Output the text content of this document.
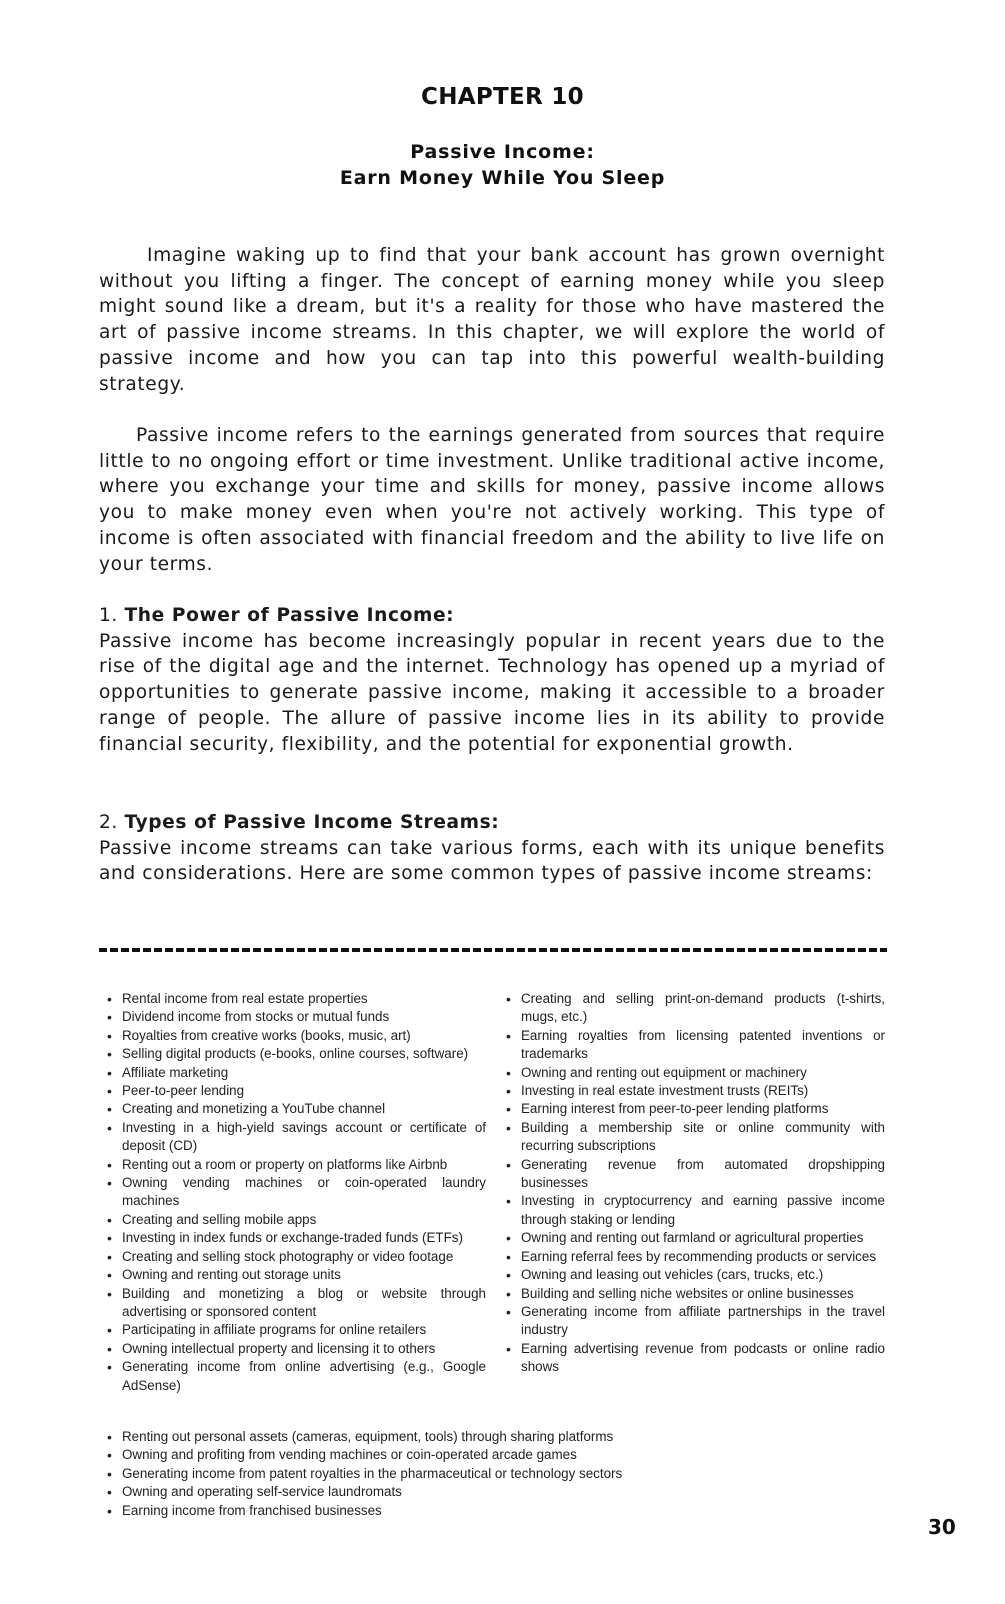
CHAPTER 10
Passive Income:
Earn Money While You Sleep

Imagine waking up to find that your bank account has grown overnight without you lifting a finger. The concept of earning money while you sleep might sound like a dream, but it's a reality for those who have mastered the art of passive income streams. In this chapter, we will explore the world of passive income and how you can tap into this powerful wealth-building strategy.

Passive income refers to the earnings generated from sources that require little to no ongoing effort or time investment. Unlike traditional active income, where you exchange your time and skills for money, passive income allows you to make money even when you're not actively working. This type of income is often associated with financial freedom and the ability to live life on your terms.

1. The Power of Passive Income:

Passive income has become increasingly popular in recent years due to the rise of the digital age and the internet. Technology has opened up a myriad of opportunities to generate passive income, making it accessible to a broader range of people. The allure of passive income lies in its ability to provide financial security, flexibility, and the potential for exponential growth.

2. Types of Passive Income Streams:

Passive income streams can take various forms, each with its unique benefits and considerations. Here are some common types of passive income streams:

• Rental income from real estate properties
• Dividend income from stocks or mutual funds
• Royalties from creative works (books, music, art)
• Selling digital products (e-books, online courses, software)
• Affiliate marketing
• Peer-to-peer lending
• Creating and monetizing a YouTube channel
• Investing in a high-yield savings account or certificate of deposit (CD)
• Renting out a room or property on platforms like Airbnb
• Owning vending machines or coin-operated laundry machines
• Creating and selling mobile apps
• Investing in index funds or exchange-traded funds (ETFs)
• Creating and selling stock photography or video footage
• Owning and renting out storage units
• Building and monetizing a blog or website through advertising or sponsored content
• Participating in affiliate programs for online retailers
• Owning intellectual property and licensing it to others
• Generating income from online advertising (e.g., Google AdSense)
• Creating and selling print-on-demand products (t-shirts, mugs, etc.)
• Earning royalties from licensing patented inventions or trademarks
• Owning and renting out equipment or machinery
• Investing in real estate investment trusts (REITs)
• Earning interest from peer-to-peer lending platforms
• Building a membership site or online community with recurring subscriptions
• Generating revenue from automated dropshipping businesses
• Investing in cryptocurrency and earning passive income through staking or lending
• Owning and renting out farmland or agricultural properties
• Earning referral fees by recommending products or services
• Owning and leasing out vehicles (cars, trucks, etc.)
• Building and selling niche websites or online businesses
• Generating income from affiliate partnerships in the travel industry
• Earning advertising revenue from podcasts or online radio shows
• Renting out personal assets (cameras, equipment, tools) through sharing platforms
• Owning and profiting from vending machines or coin-operated arcade games
• Generating income from patent royalties in the pharmaceutical or technology sectors
• Owning and operating self-service laundromats
• Earning income from franchised businesses
30
